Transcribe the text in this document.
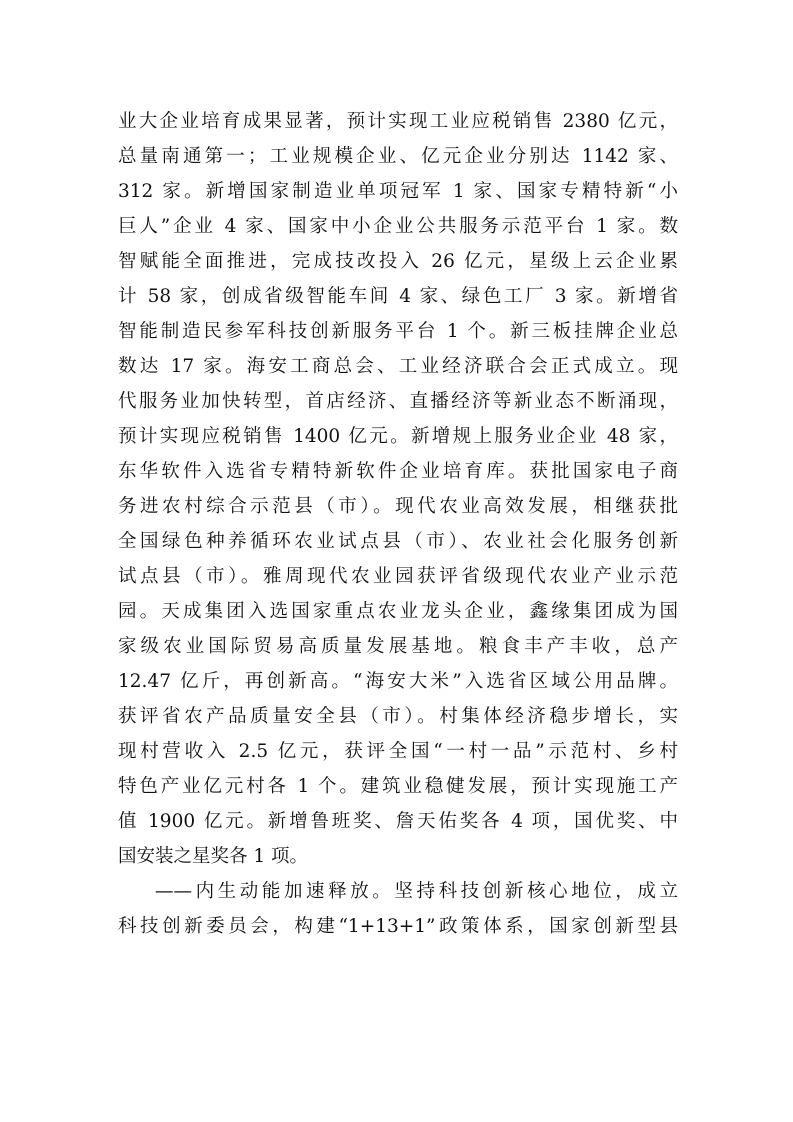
业大企业培育成果显著，预计实现工业应税销售 2380 亿元，
总量南通第一；工业规模企业、亿元企业分别达 1142 家、
312 家。新增国家制造业单项冠军 1 家、国家专精特新“小
巨人”企业 4 家、国家中小企业公共服务示范平台 1 家。数
智赋能全面推进，完成技改投入 26 亿元，星级上云企业累
计 58 家，创成省级智能车间 4 家、绿色工厂 3 家。新增省
智能制造民参军科技创新服务平台 1 个。新三板挂牌企业总
数达 17 家。海安工商总会、工业经济联合会正式成立。现
代服务业加快转型，首店经济、直播经济等新业态不断涌现，
预计实现应税销售 1400 亿元。新增规上服务业企业 48 家，
东华软件入选省专精特新软件企业培育库。获批国家电子商
务进农村综合示范县（市）。现代农业高效发展，相继获批
全国绿色种养循环农业试点县（市）、农业社会化服务创新
试点县（市）。雅周现代农业园获评省级现代农业产业示范
园。天成集团入选国家重点农业龙头企业，鑫缘集团成为国
家级农业国际贸易高质量发展基地。粮食丰产丰收，总产
12.47 亿斤，再创新高。“海安大米”入选省区域公用品牌。
获评省农产品质量安全县（市）。村集体经济稳步增长，实
现村营收入 2.5 亿元，获评全国“一村一品”示范村、乡村
特色产业亿元村各 1 个。建筑业稳健发展，预计实现施工产
值 1900 亿元。新增鲁班奖、詹天佑奖各 4 项，国优奖、中
国安装之星奖各 1 项。
——内生动能加速释放。坚持科技创新核心地位，成立
科技创新委员会，构建“1+13+1”政策体系，国家创新型县
